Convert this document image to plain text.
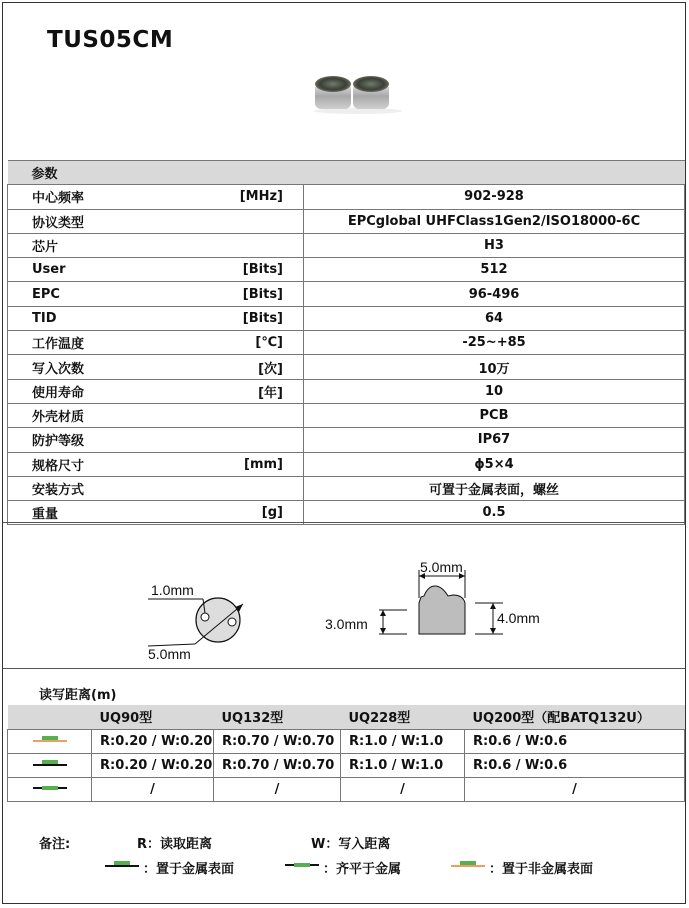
TUS05CM
参数		
中心频率	[MHz]	902-928
协议类型		EPCglobal UHFClass1Gen2/ISO18000-6C
芯片		H3
User	[Bits]	512
EPC	[Bits]	96-496
TID	[Bits]	64
工作温度	[℃]	-25~+85
写入次数	[次]	10万
使用寿命	[年]	10
外壳材质		PCB
防护等级		IP67
规格尺寸	[mm]	ϕ5×4
安装方式		可置于金属表面，螺丝
重量	[g]	0.5
1.0mm
5.0mm
5.0mm
3.0mm	4.0mm
读写距离(m)
	UQ90型	UQ132型	UQ228型	UQ200型（配BATQ132U）
	R:0.20 / W:0.20	R:0.70 / W:0.70	R:1.0 / W:1.0	R:0.6 / W:0.6
	R:0.20 / W:0.20	R:0.70 / W:0.70	R:1.0 / W:1.0	R:0.6 / W:0.6
	/	/	/	/
备注:	R：读取距离	W：写入距离
：置于金属表面	：齐平于金属	：置于非金属表面
